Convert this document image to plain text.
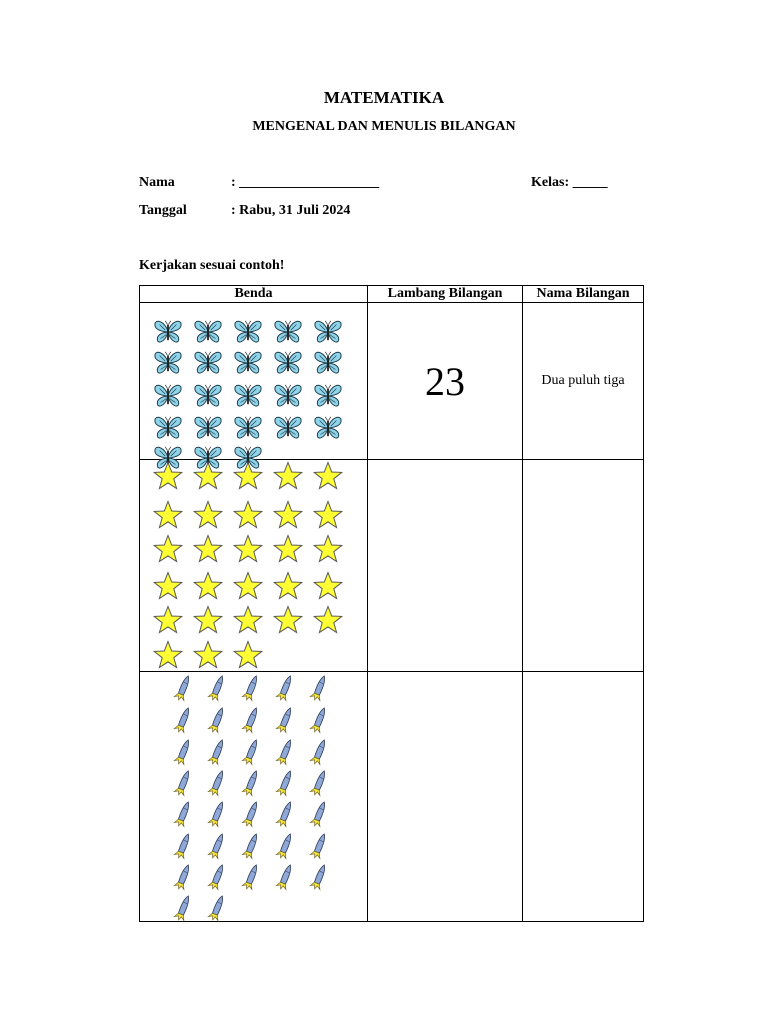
MATEMATIKA
MENGENAL DAN MENULIS BILANGAN
Nama	: ____________________	Kelas: _____
Tanggal	: Rabu, 31 Juli 2024
Kerjakan sesuai contoh!
Benda	Lambang Bilangan	Nama Bilangan

	23	Dua puluh tiga
